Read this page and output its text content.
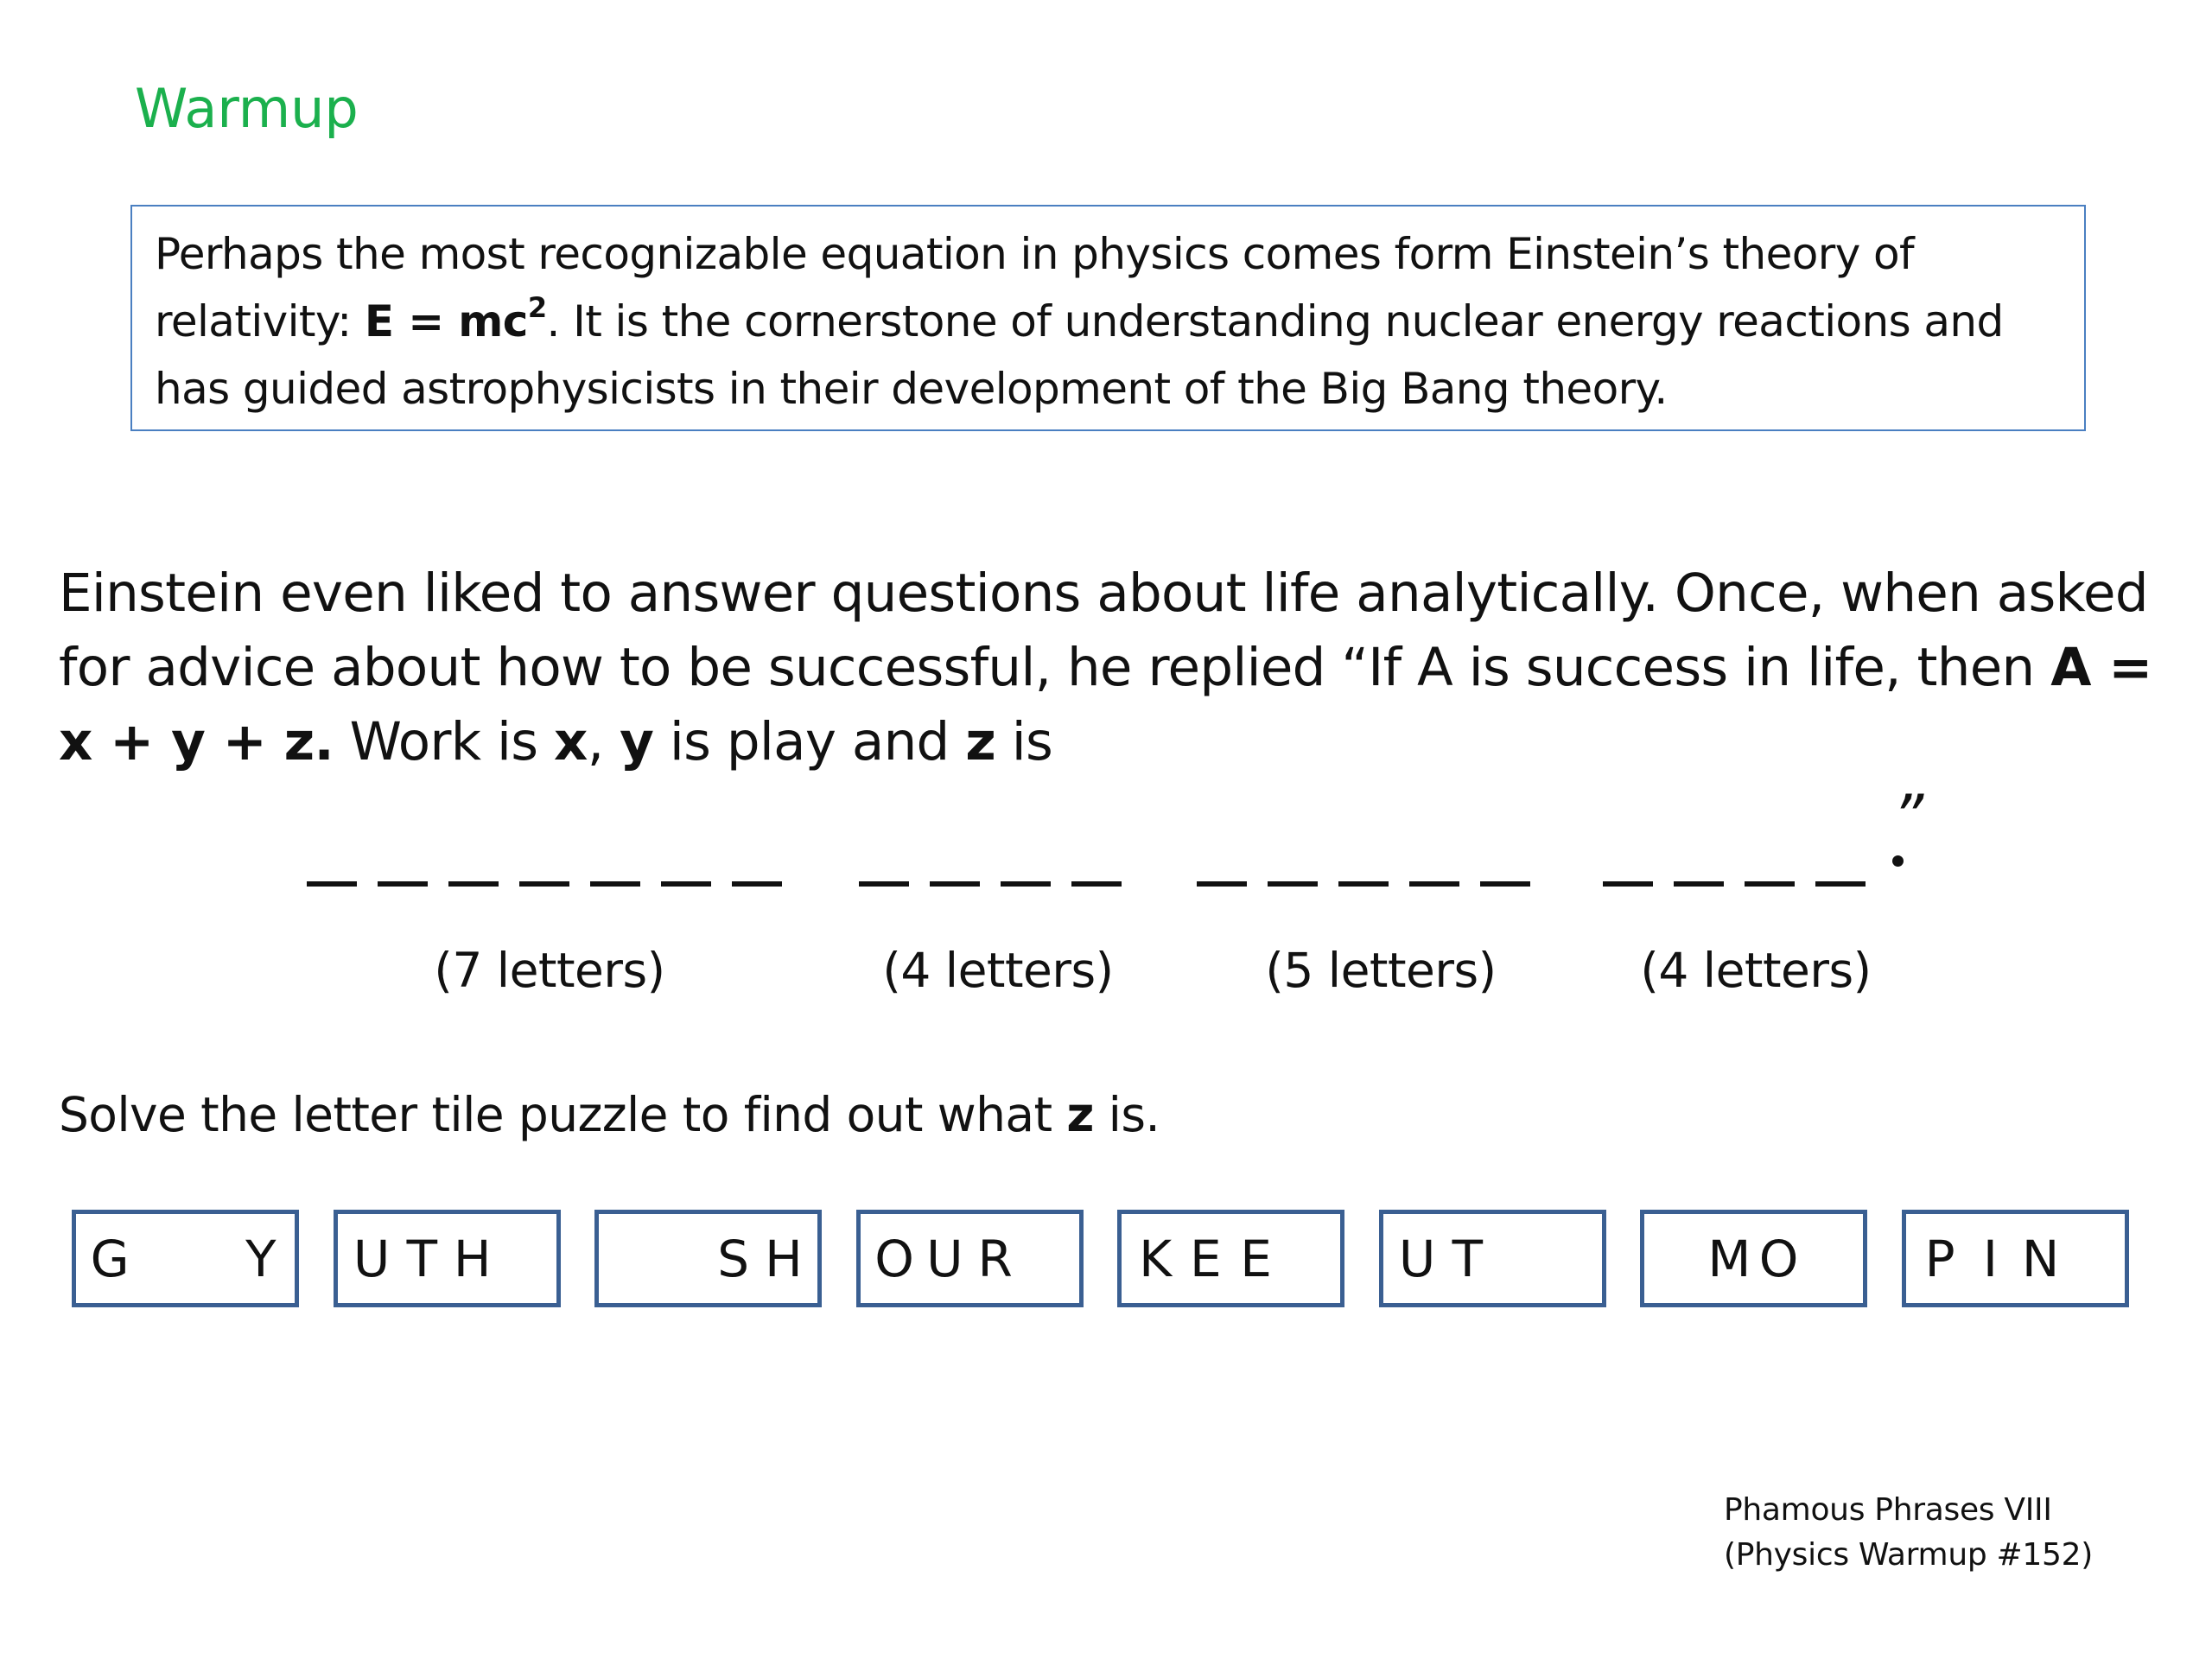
Warmup
Perhaps the most recognizable equation in physics comes form Einstein’s theory of relativity: $E = mc^2$. It is the cornerstone of understanding nuclear energy reactions and has guided astrophysicists in their development of the Big Bang theory.
Einstein even liked to answer questions about life analytically. Once, when asked for advice about how to be successful, he replied “If A is success in life, then A = x + y + z. Work is x, y is play and z is
”
(7 letters)	(4 letters)	(5 letters)	(4 letters)
Solve the letter tile puzzle to find out what z is.
G Y U T H	S H O U R	K E E	U T	M O	P I N
Phamous Phrases VIII
(Physics Warmup #152)
